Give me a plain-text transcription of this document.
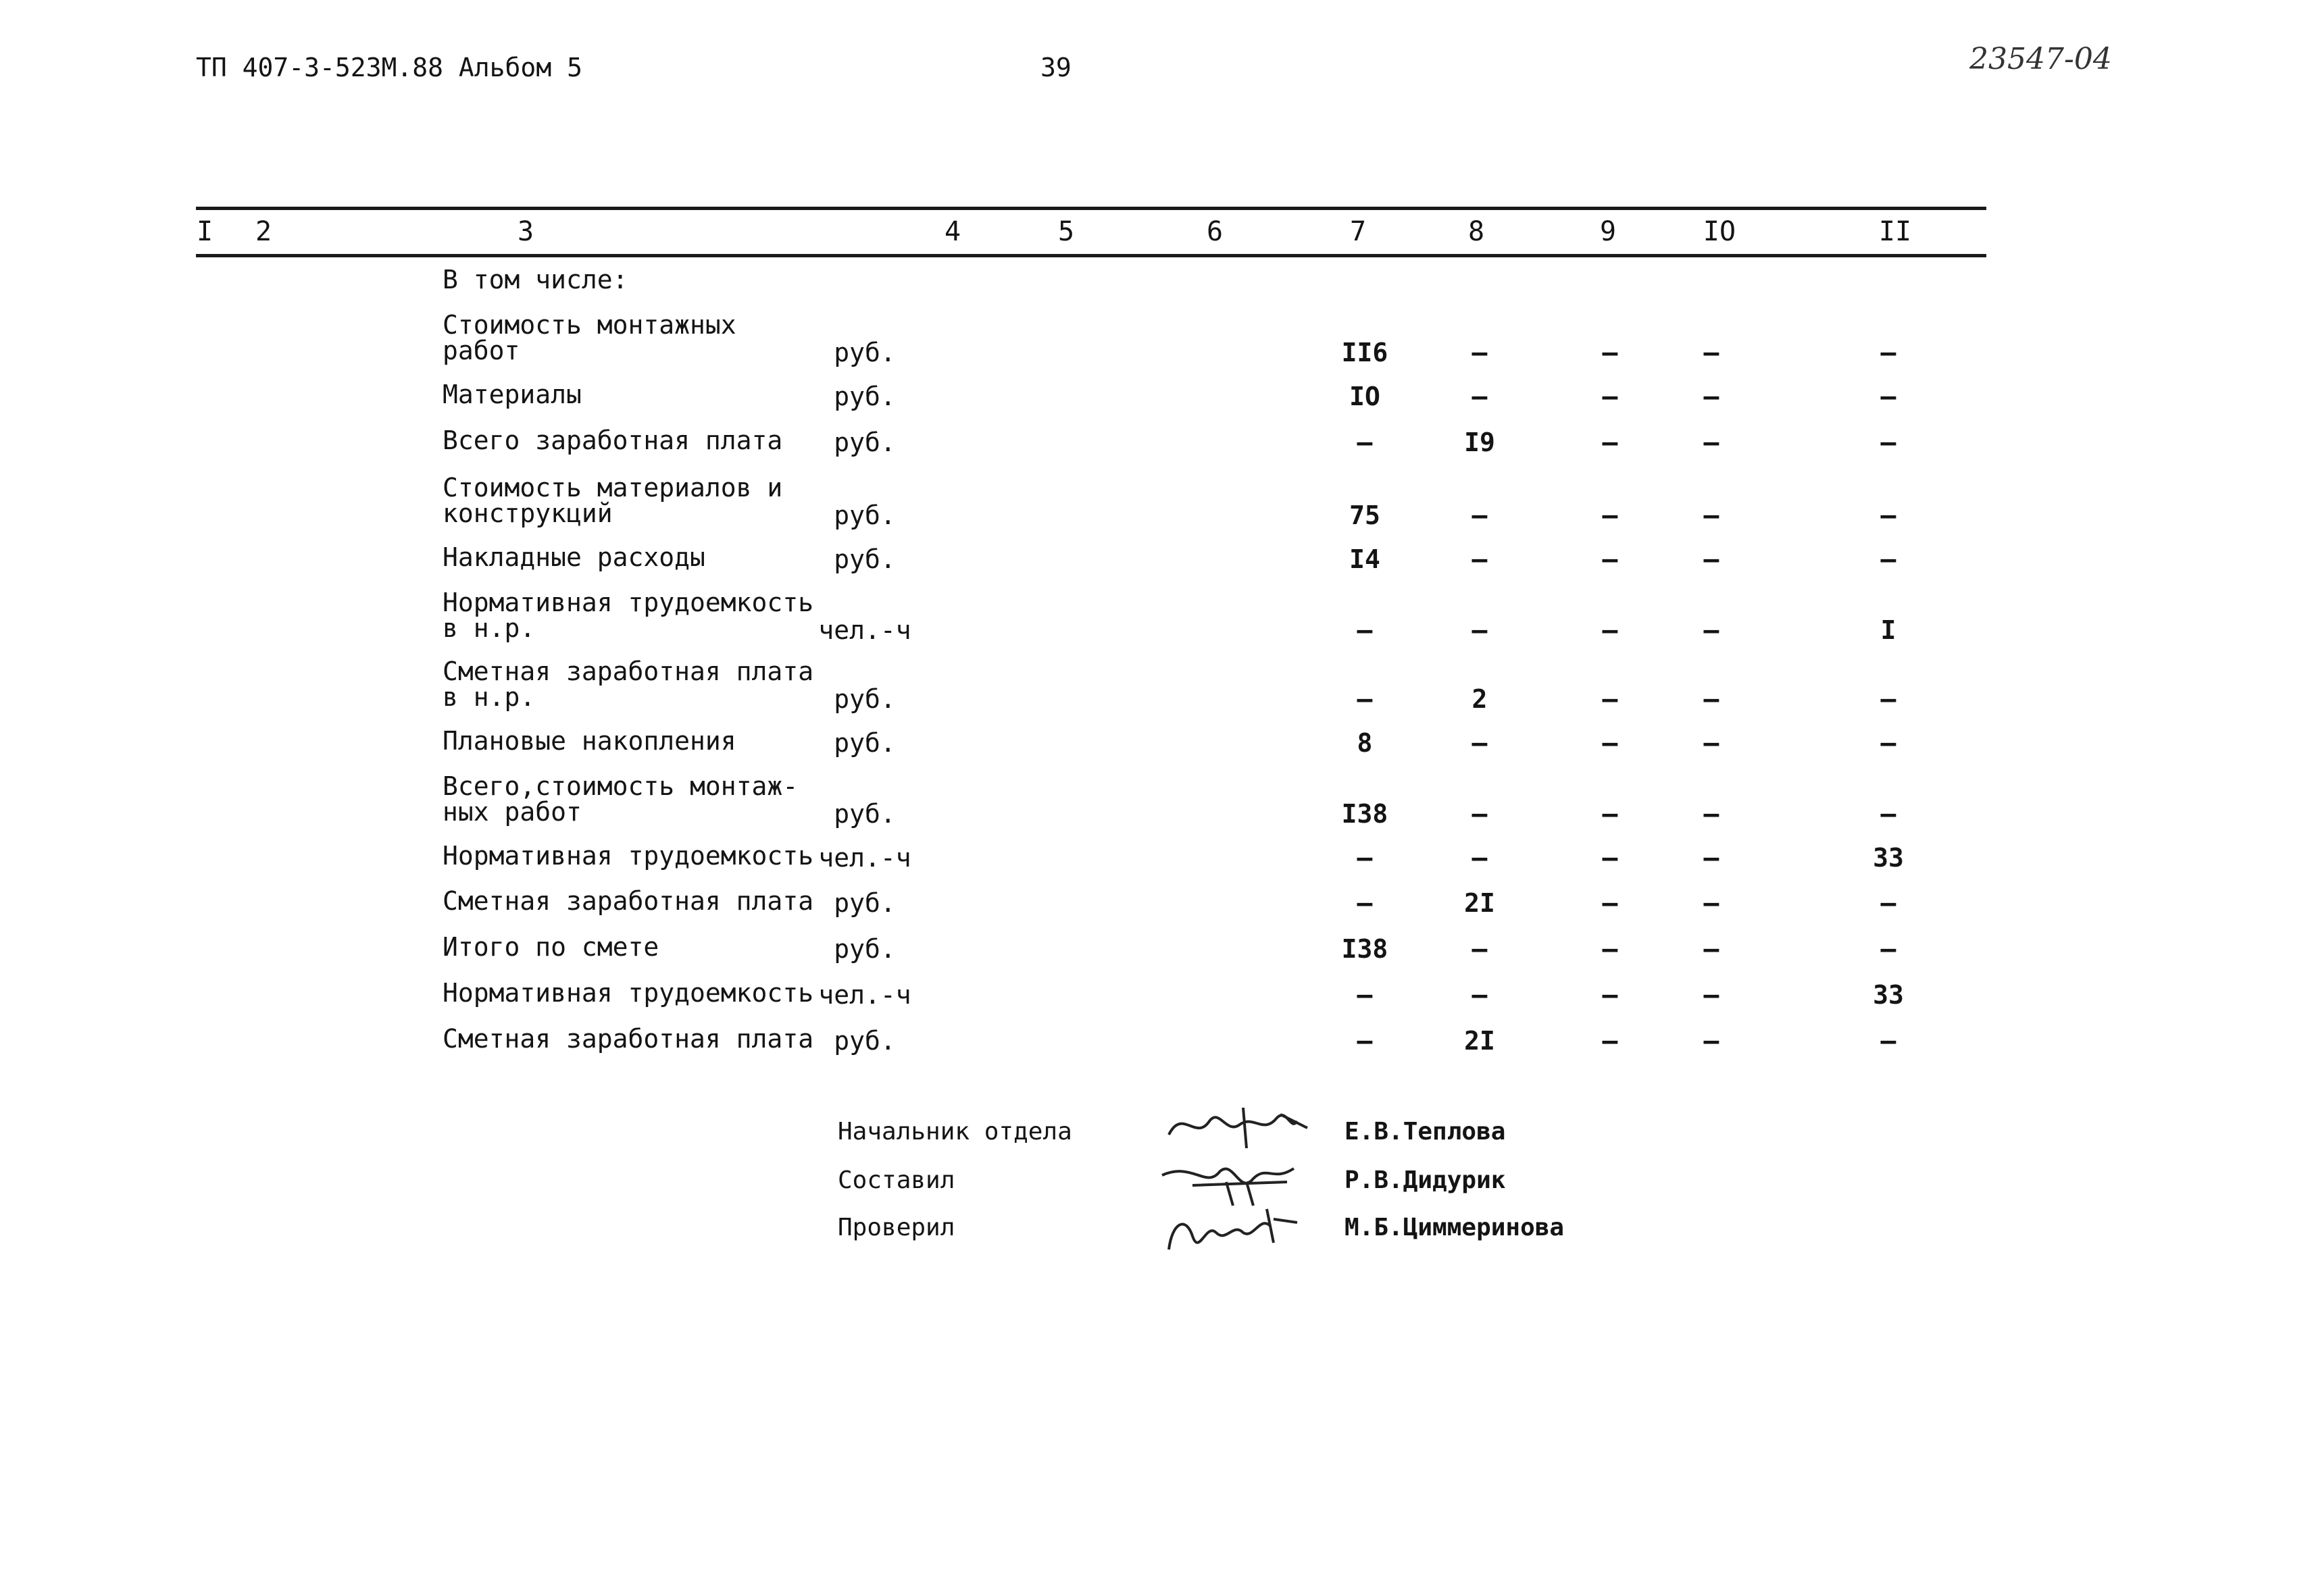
ТП 407-3-523М.88 Альбом 5	39	23547-04
I 2	3	4	5	6	7	8	9	IO	II
В том числе:
Стоимость монтажных
работ	руб.	II6	–	–	–	–
Материалы	руб.	IO	–	–	–	–
Всего заработная плата руб.	–	I9	–	–	–
Стоимость материалов и
конструкций	руб.	75	–	–	–	–
Накладные расходы	руб.	I4	–	–	–	–
Нормативная трудоемкость
в н.р.	чел.-ч	–	–	–	–	I
Сметная заработная плата
в н.р.	руб.	–	2	–	–	–
Плановые накопления	руб.	8	–	–	–	–
Всего,стоимость монтаж-
ных работ	руб.	I38	–	–	–	–
Нормативная трудоемкость чел.-ч	–	–	–	–	33
Сметная заработная плата руб.	–	2I	–	–	–
Итого по смете	руб.	I38	–	–	–	–
Нормативная трудоемкость чел.-ч	–	–	–	–	33
Сметная заработная плата руб.	–	2I	–	–	–
Начальник отдела	Е.В.Теплова
Составил	Р.В.Дидурик
Проверил	М.Б.Циммеринова
